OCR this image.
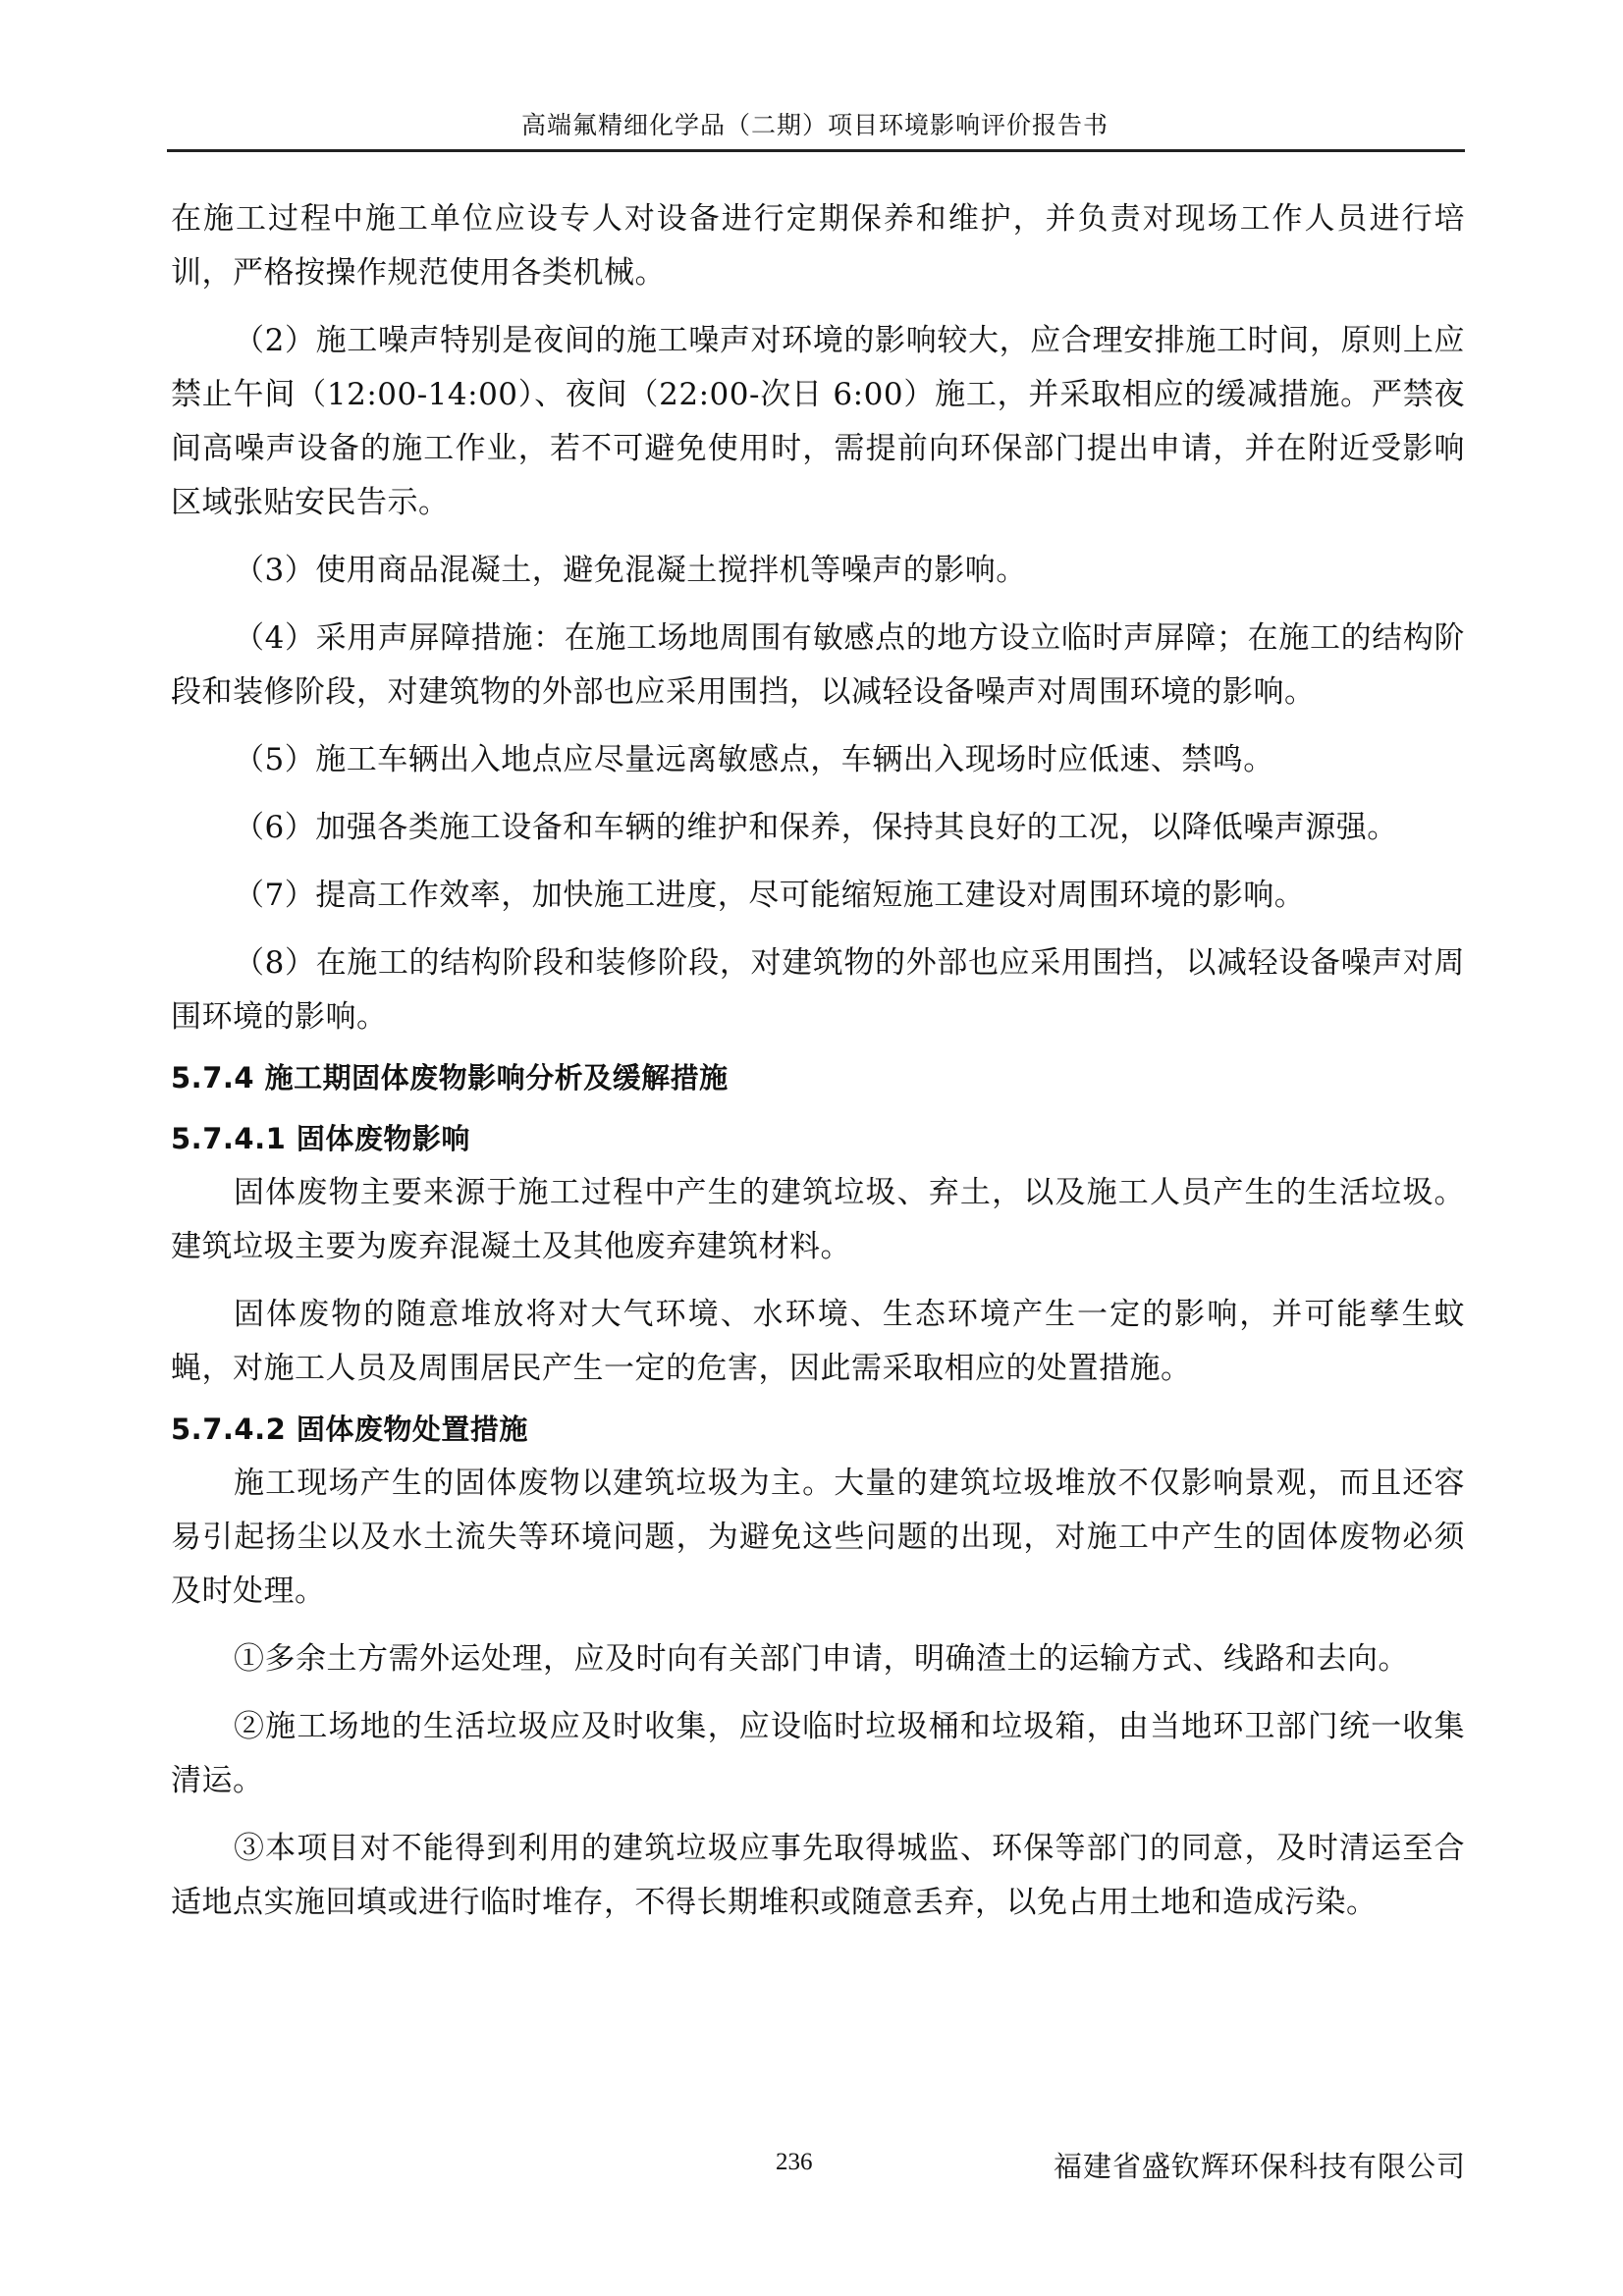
高端氟精细化学品（二期）项目环境影响评价报告书

在施工过程中施工单位应设专人对设备进行定期保养和维护，并负责对现场工作人员进行培训，严格按操作规范使用各类机械。

（2）施工噪声特别是夜间的施工噪声对环境的影响较大，应合理安排施工时间，原则上应禁止午间（12:00-14:00）、夜间（22:00-次日 6:00）施工，并采取相应的缓减措施。严禁夜间高噪声设备的施工作业，若不可避免使用时，需提前向环保部门提出申请，并在附近受影响区域张贴安民告示。

（3）使用商品混凝土，避免混凝土搅拌机等噪声的影响。

（4）采用声屏障措施：在施工场地周围有敏感点的地方设立临时声屏障；在施工的结构阶段和装修阶段，对建筑物的外部也应采用围挡，以减轻设备噪声对周围环境的影响。

（5）施工车辆出入地点应尽量远离敏感点，车辆出入现场时应低速、禁鸣。

（6）加强各类施工设备和车辆的维护和保养，保持其良好的工况，以降低噪声源强。

（7）提高工作效率，加快施工进度，尽可能缩短施工建设对周围环境的影响。

（8）在施工的结构阶段和装修阶段，对建筑物的外部也应采用围挡，以减轻设备噪声对周围环境的影响。

5.7.4 施工期固体废物影响分析及缓解措施
5.7.4.1 固体废物影响

固体废物主要来源于施工过程中产生的建筑垃圾、弃土，以及施工人员产生的生活垃圾。建筑垃圾主要为废弃混凝土及其他废弃建筑材料。

固体废物的随意堆放将对大气环境、水环境、生态环境产生一定的影响，并可能孳生蚊蝇，对施工人员及周围居民产生一定的危害，因此需采取相应的处置措施。

5.7.4.2 固体废物处置措施

施工现场产生的固体废物以建筑垃圾为主。大量的建筑垃圾堆放不仅影响景观，而且还容易引起扬尘以及水土流失等环境问题，为避免这些问题的出现，对施工中产生的固体废物必须及时处理。

①多余土方需外运处理，应及时向有关部门申请，明确渣土的运输方式、线路和去向。

②施工场地的生活垃圾应及时收集，应设临时垃圾桶和垃圾箱，由当地环卫部门统一收集清运。

③本项目对不能得到利用的建筑垃圾应事先取得城监、环保等部门的同意，及时清运至合适地点实施回填或进行临时堆存，不得长期堆积或随意丢弃，以免占用土地和造成污染。

236	福建省盛钦辉环保科技有限公司
